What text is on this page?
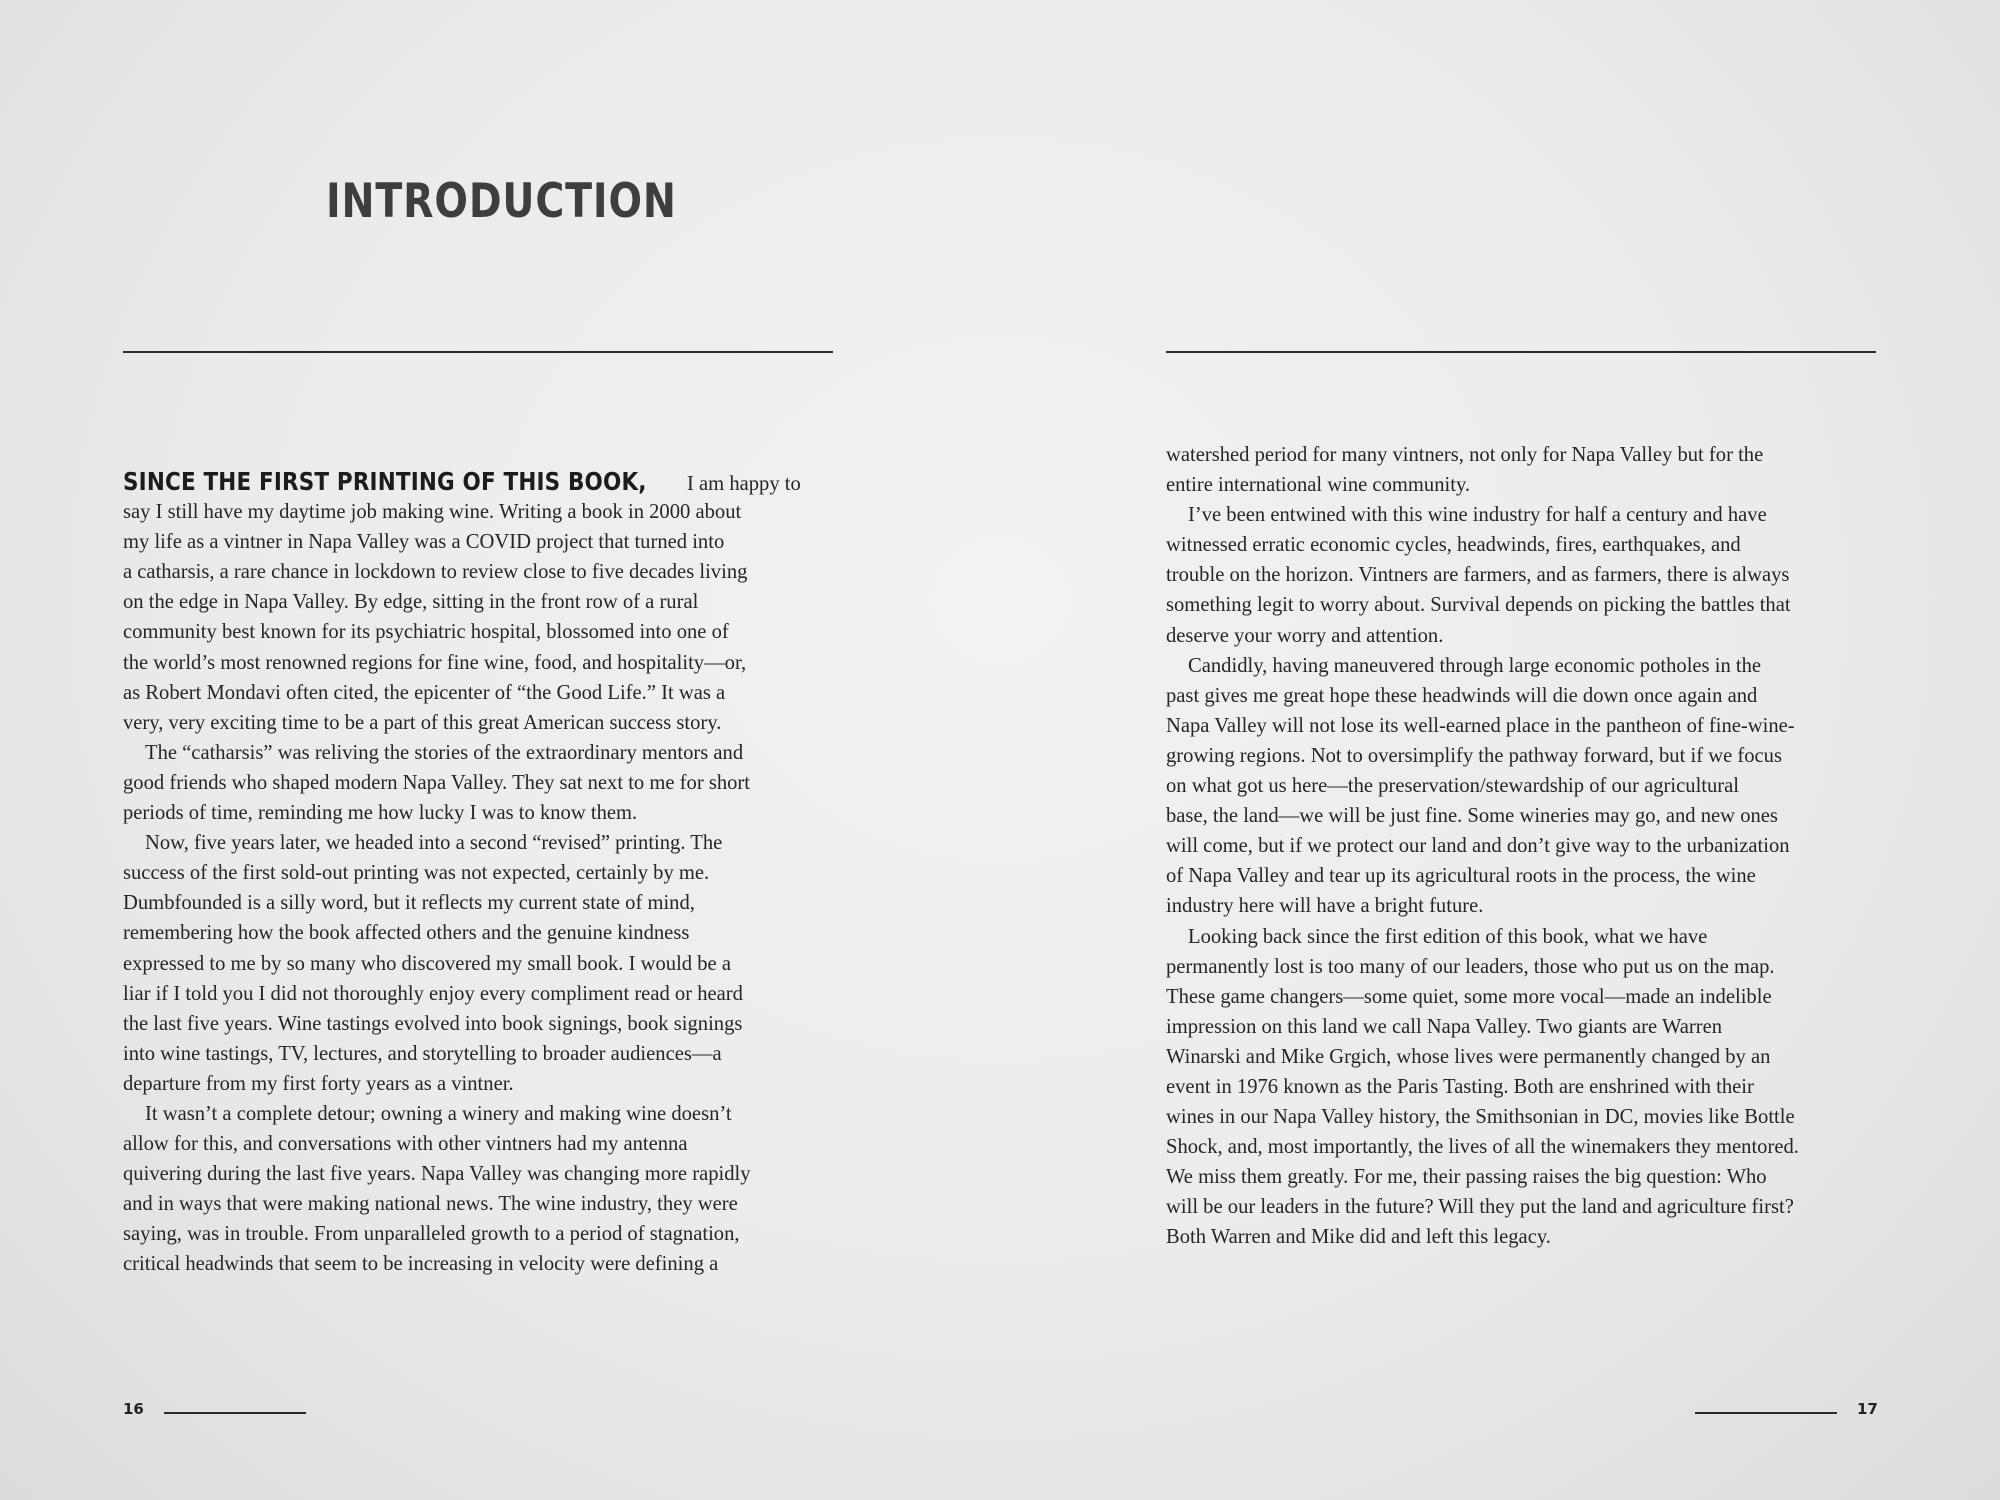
INTRODUCTION
SINCE THE FIRST PRINTING OF THIS BOOK, I am happy to
say I still have my daytime job making wine. Writing a book in 2000 about
my life as a vintner in Napa Valley was a COVID project that turned into
a catharsis, a rare chance in lockdown to review close to five decades living
on the edge in Napa Valley. By edge, sitting in the front row of a rural
community best known for its psychiatric hospital, blossomed into one of
the world’s most renowned regions for fine wine, food, and hospitality—or,
as Robert Mondavi often cited, the epicenter of “the Good Life.” It was a
very, very exciting time to be a part of this great American success story.
The “catharsis” was reliving the stories of the extraordinary mentors and
good friends who shaped modern Napa Valley. They sat next to me for short
periods of time, reminding me how lucky I was to know them.
Now, five years later, we headed into a second “revised” printing. The
success of the first sold-out printing was not expected, certainly by me.
Dumbfounded is a silly word, but it reflects my current state of mind,
remembering how the book affected others and the genuine kindness
expressed to me by so many who discovered my small book. I would be a
liar if I told you I did not thoroughly enjoy every compliment read or heard
the last five years. Wine tastings evolved into book signings, book signings
into wine tastings, TV, lectures, and storytelling to broader audiences—a
departure from my first forty years as a vintner.
It wasn’t a complete detour; owning a winery and making wine doesn’t
allow for this, and conversations with other vintners had my antenna
quivering during the last five years. Napa Valley was changing more rapidly
and in ways that were making national news. The wine industry, they were
saying, was in trouble. From unparalleled growth to a period of stagnation,
critical headwinds that seem to be increasing in velocity were defining a
16
watershed period for many vintners, not only for Napa Valley but for the
entire international wine community.
I’ve been entwined with this wine industry for half a century and have
witnessed erratic economic cycles, headwinds, fires, earthquakes, and
trouble on the horizon. Vintners are farmers, and as farmers, there is always
something legit to worry about. Survival depends on picking the battles that
deserve your worry and attention.
Candidly, having maneuvered through large economic potholes in the
past gives me great hope these headwinds will die down once again and
Napa Valley will not lose its well-earned place in the pantheon of fine-wine-
growing regions. Not to oversimplify the pathway forward, but if we focus
on what got us here—the preservation/stewardship of our agricultural
base, the land—we will be just fine. Some wineries may go, and new ones
will come, but if we protect our land and don’t give way to the urbanization
of Napa Valley and tear up its agricultural roots in the process, the wine
industry here will have a bright future.
Looking back since the first edition of this book, what we have
permanently lost is too many of our leaders, those who put us on the map.
These game changers—some quiet, some more vocal—made an indelible
impression on this land we call Napa Valley. Two giants are Warren
Winarski and Mike Grgich, whose lives were permanently changed by an
event in 1976 known as the Paris Tasting. Both are enshrined with their
wines in our Napa Valley history, the Smithsonian in DC, movies like Bottle
Shock, and, most importantly, the lives of all the winemakers they mentored.
We miss them greatly. For me, their passing raises the big question: Who
will be our leaders in the future? Will they put the land and agriculture first?
Both Warren and Mike did and left this legacy.
17
